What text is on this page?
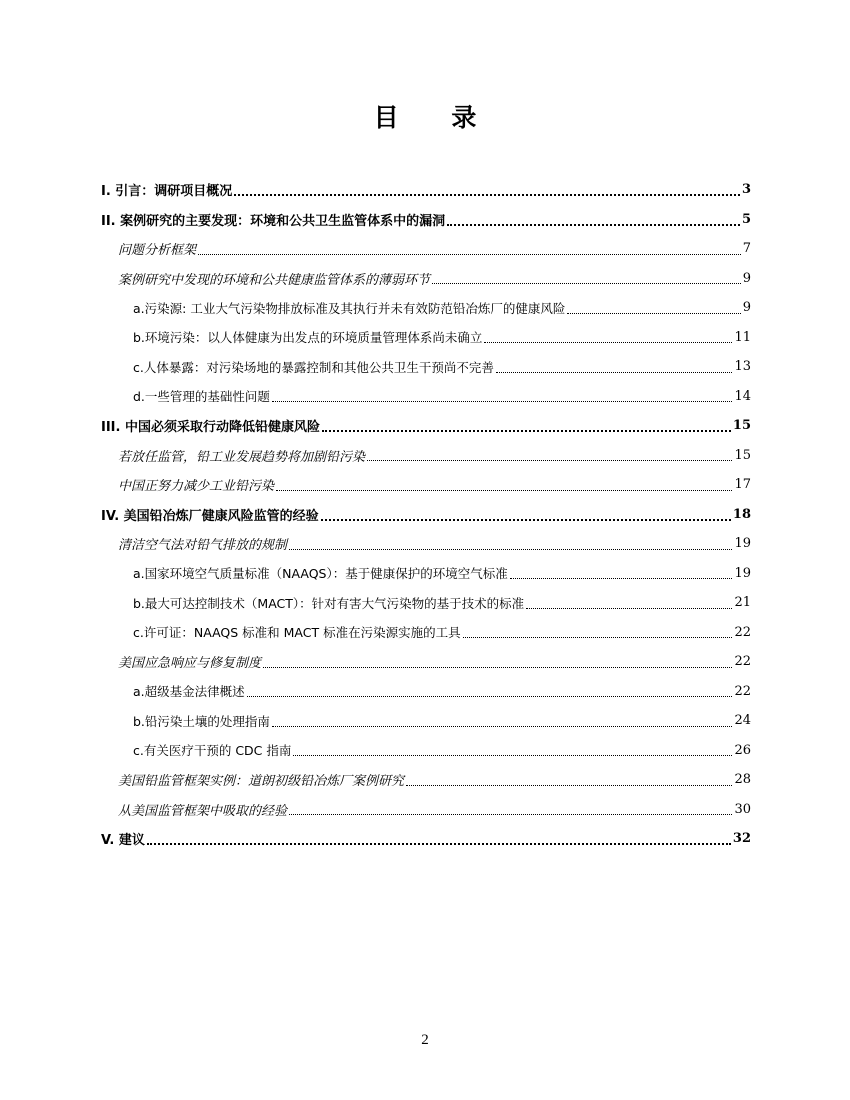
目 录
I. 引言：调研项目概况	3
II. 案例研究的主要发现：环境和公共卫生监管体系中的漏洞	5
问题分析框架	7
案例研究中发现的环境和公共健康监管体系的薄弱环节	9
a.污染源: 工业大气污染物排放标准及其执行并未有效防范铅冶炼厂的健康风险	9
b.环境污染：以人体健康为出发点的环境质量管理体系尚未确立	11
c.人体暴露：对污染场地的暴露控制和其他公共卫生干预尚不完善	13
d.一些管理的基础性问题	14
III. 中国必须采取行动降低铅健康风险	15
若放任监管，铅工业发展趋势将加剧铅污染	15
中国正努力减少工业铅污染	17
IV. 美国铅冶炼厂健康风险监管的经验	18
清洁空气法对铅气排放的规制	19
a.国家环境空气质量标准（NAAQS）：基于健康保护的环境空气标准	19
b.最大可达控制技术（MACT）：针对有害大气污染物的基于技术的标准	21
c.许可证：NAAQS 标准和 MACT 标准在污染源实施的工具	22
美国应急响应与修复制度	22
a.超级基金法律概述	22
b.铅污染土壤的处理指南	24
c.有关医疗干预的 CDC 指南	26
美国铅监管框架实例：道朗初级铅冶炼厂案例研究	28
从美国监管框架中吸取的经验	30
V. 建议	32
2
